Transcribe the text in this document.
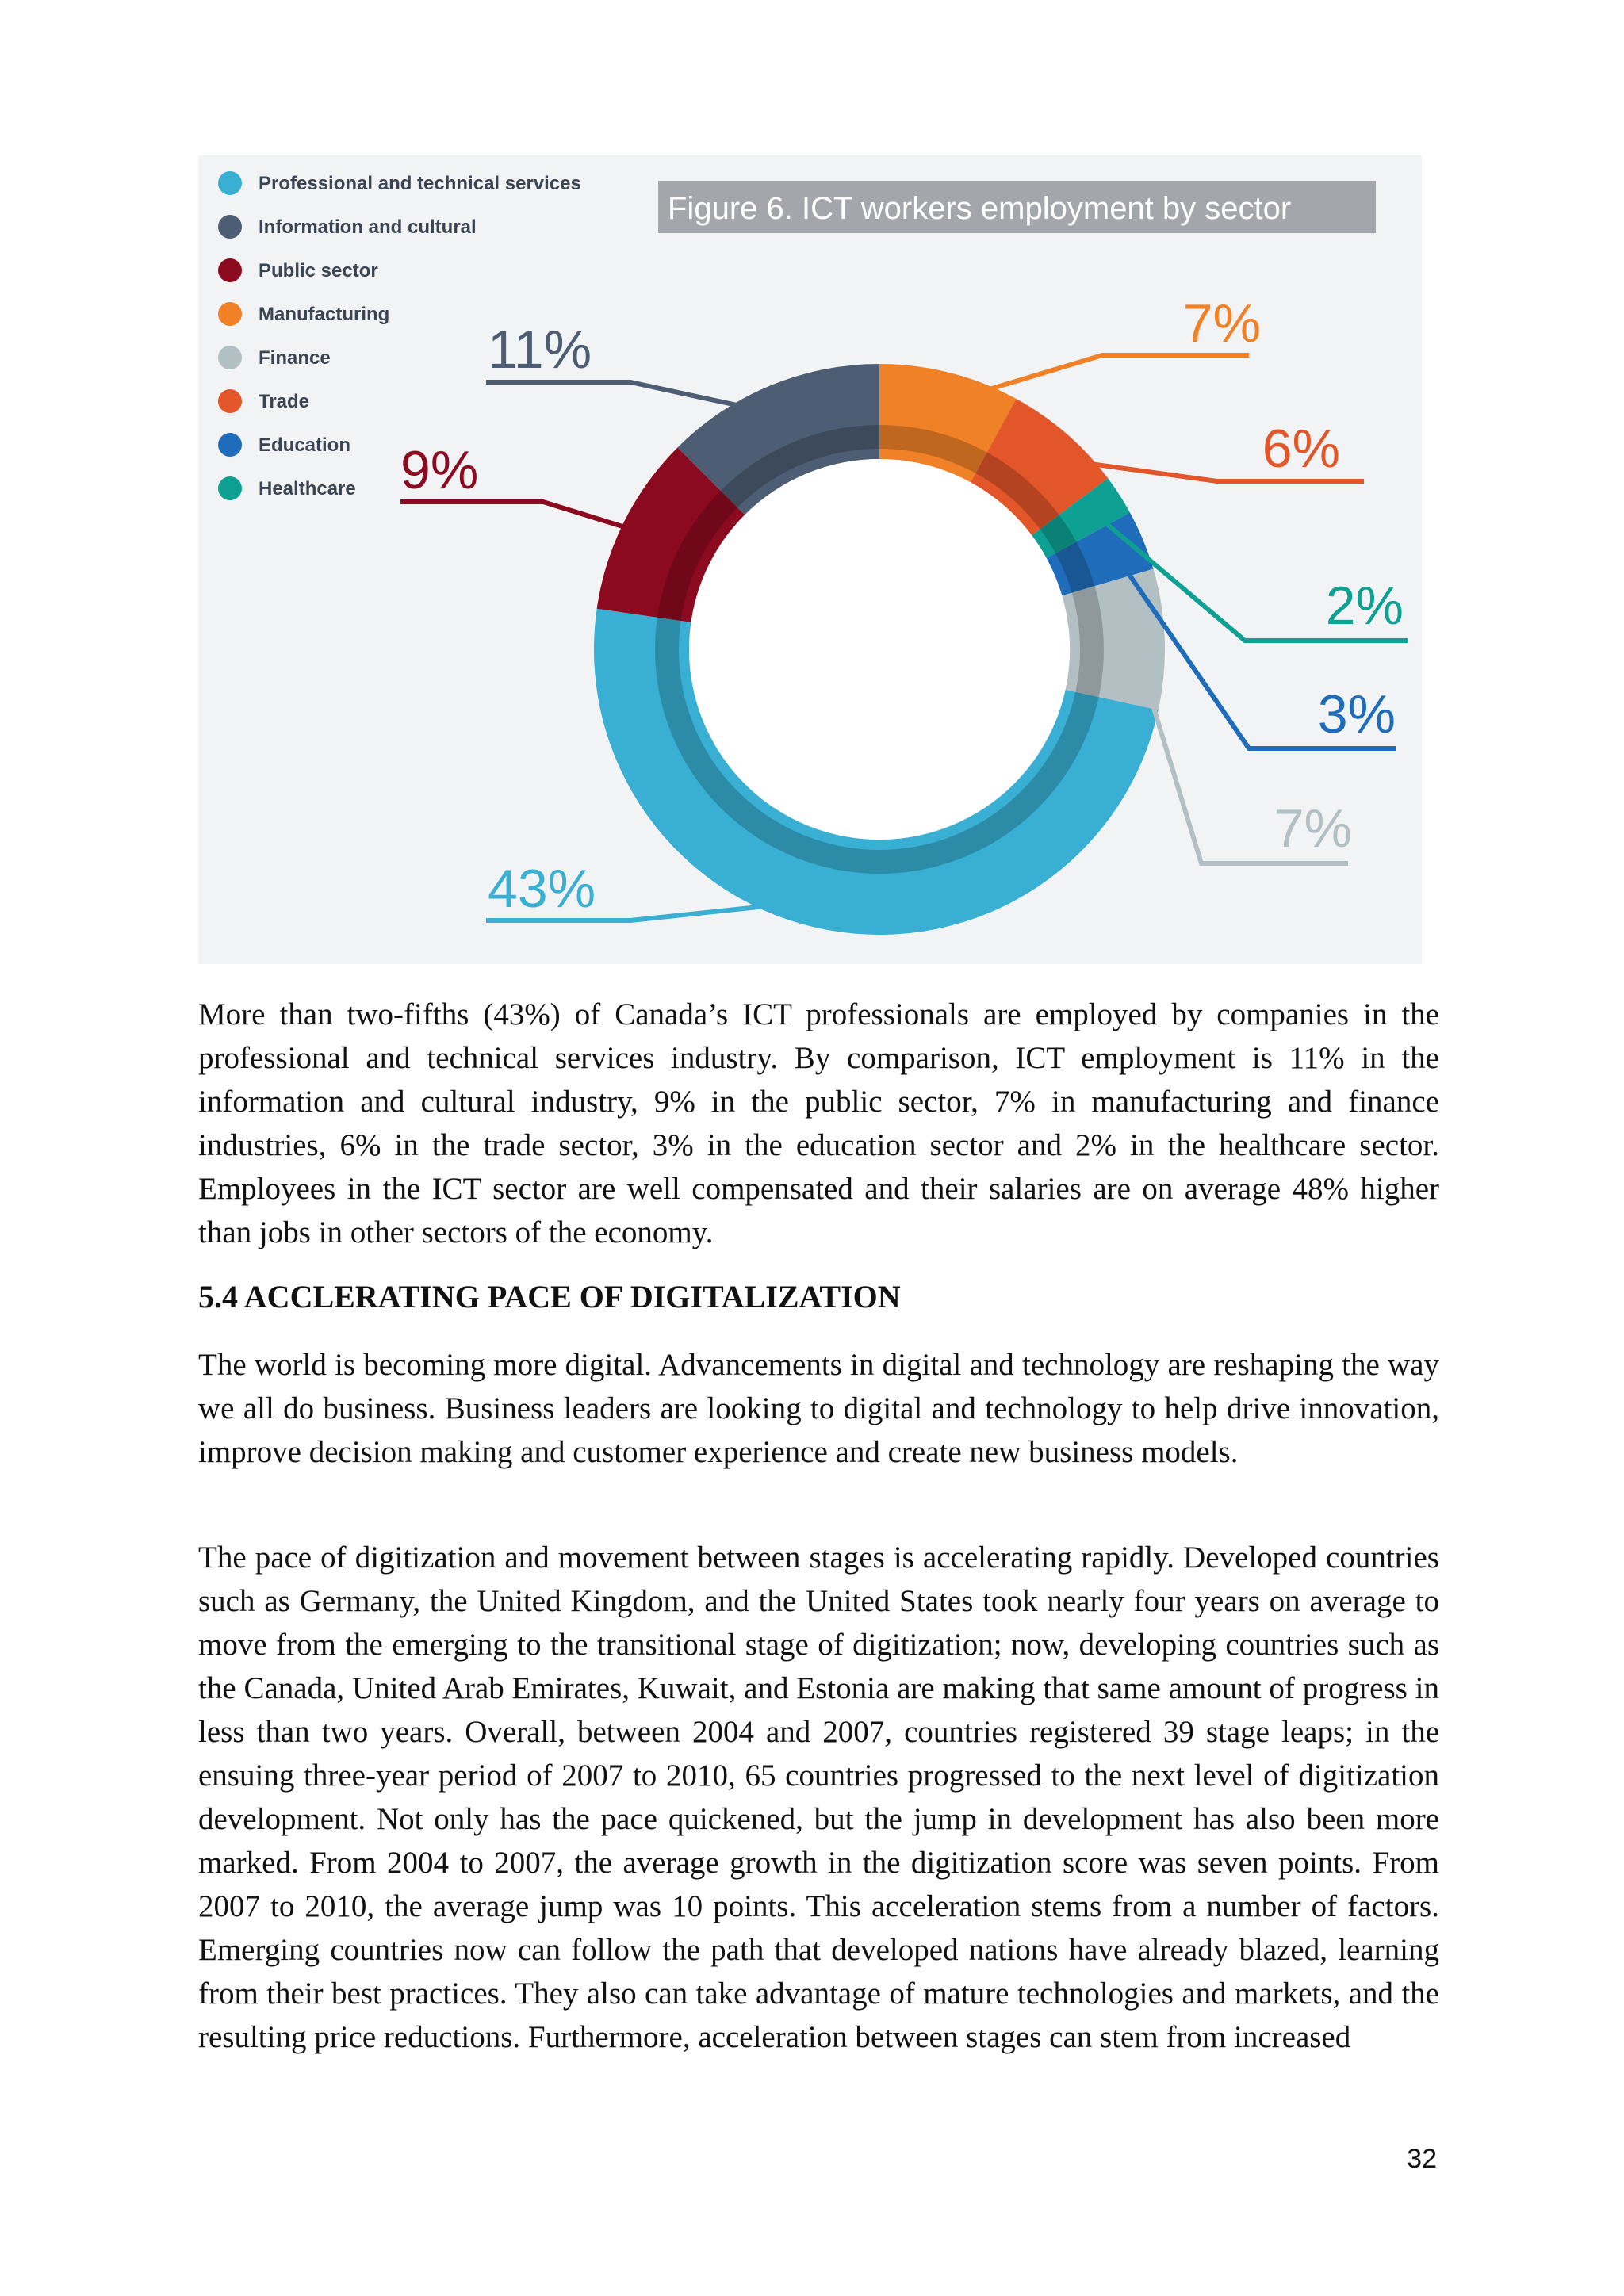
Figure 6. ICT workers employment by sector
Professional and technical services
Information and cultural
Public sector
Manufacturing
Finance
Trade
Education
Healthcare
43%
11%
9%
7%
7%
6%
3%
2%

More than two-fifths (43%) of Canada’s ICT professionals are employed by companies in the professional and technical services industry. By comparison, ICT employment is 11% in the information and cultural industry, 9% in the public sector, 7% in manufacturing and finance industries, 6% in the trade sector, 3% in the education sector and 2% in the healthcare sector. Employees in the ICT sector are well compensated and their salaries are on average 48% higher than jobs in other sectors of the economy.

5.4 ACCLERATING PACE OF DIGITALIZATION

The world is becoming more digital. Advancements in digital and technology are reshaping the way we all do business. Business leaders are looking to digital and technology to help drive innovation, improve decision making and customer experience and create new business models.

The pace of digitization and movement between stages is accelerating rapidly. Developed countries such as Germany, the United Kingdom, and the United States took nearly four years on average to move from the emerging to the transitional stage of digitization; now, developing countries such as the Canada, United Arab Emirates, Kuwait, and Estonia are making that same amount of progress in less than two years. Overall, between 2004 and 2007, countries registered 39 stage leaps; in the ensuing three-year period of 2007 to 2010, 65 countries progressed to the next level of digitization development. Not only has the pace quickened, but the jump in development has also been more marked. From 2004 to 2007, the average growth in the digitization score was seven points. From 2007 to 2010, the average jump was 10 points. This acceleration stems from a number of factors. Emerging countries now can follow the path that developed nations have already blazed, learning from their best practices. They also can take advantage of mature technologies and markets, and the resulting price reductions. Furthermore, acceleration between stages can stem from increased

32
